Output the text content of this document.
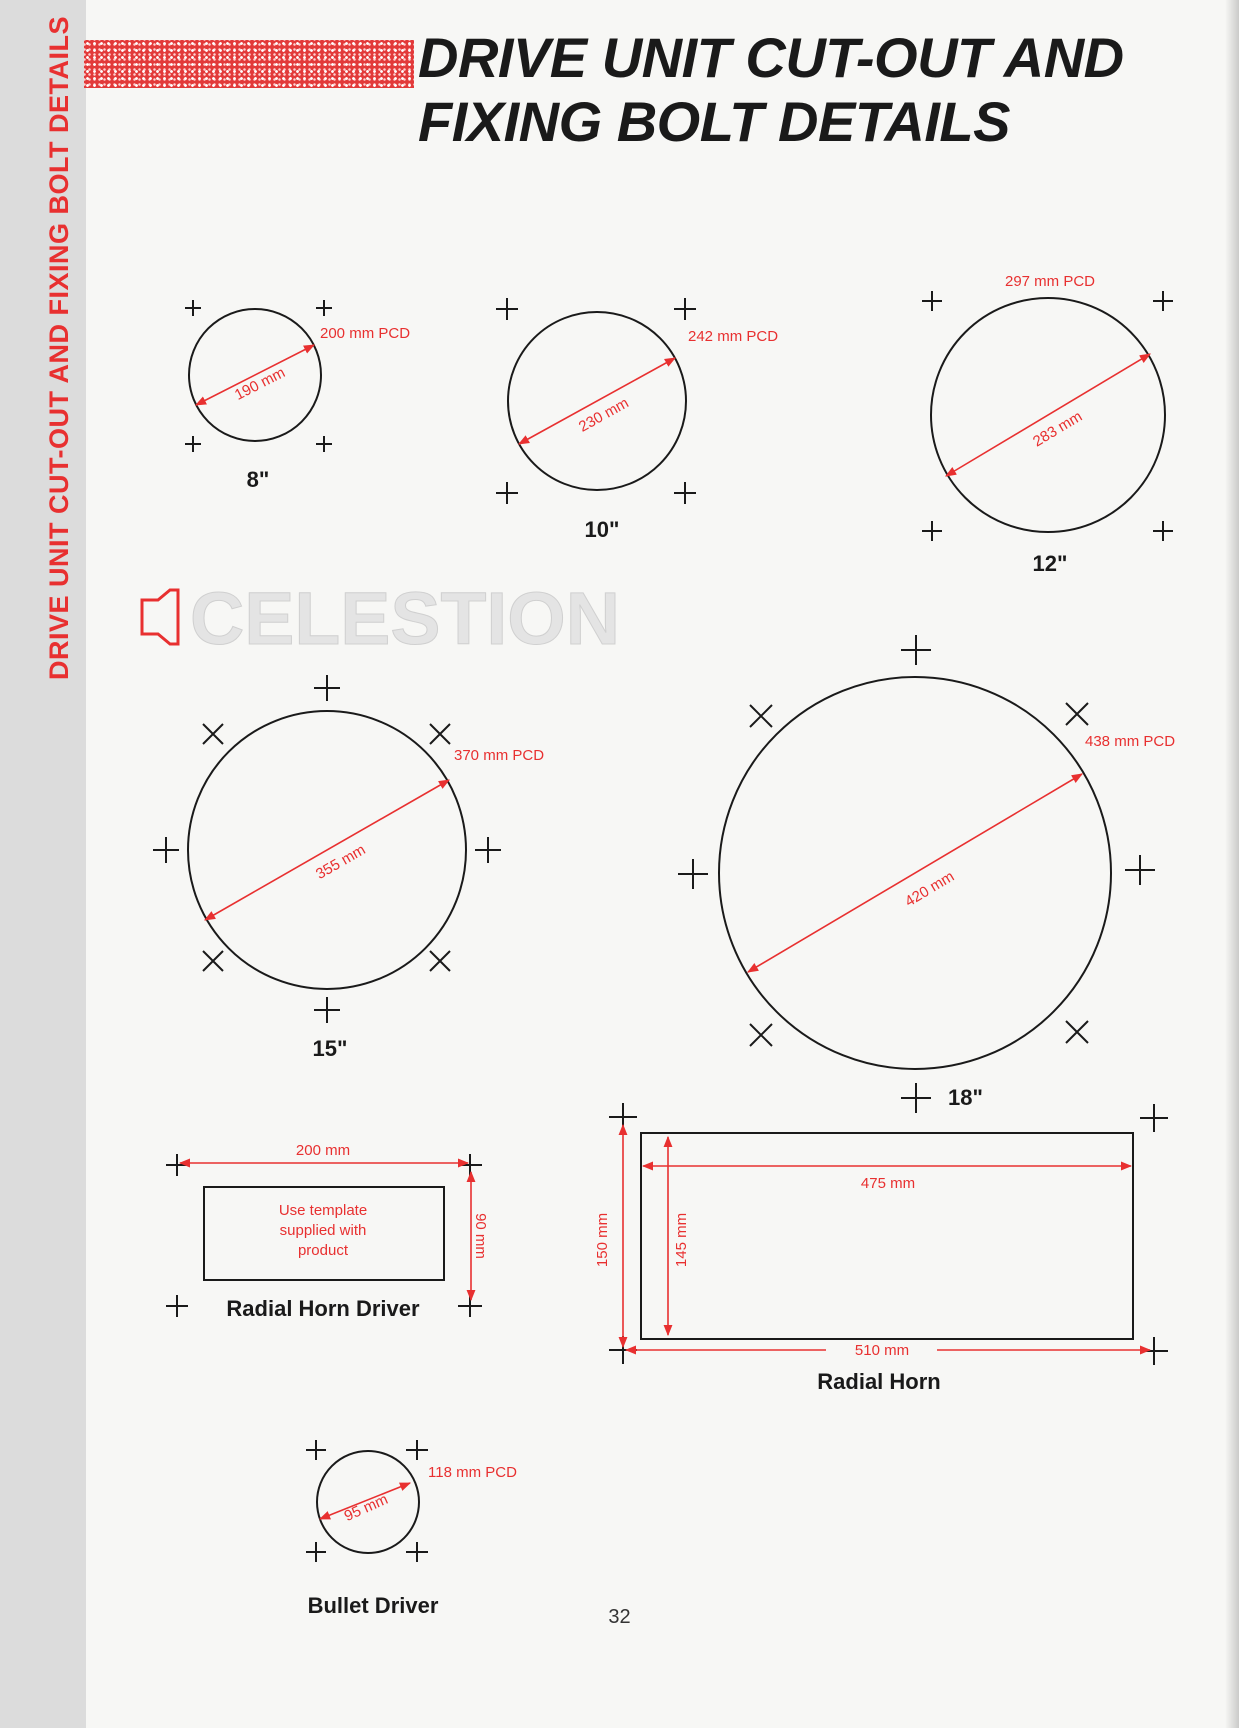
DRIVE UNIT CUT-OUT AND FIXING BOLT DETAILS	DRIVE UNIT CUT-OUT AND
FIXING BOLT DETAILS
CELESTION
200 mm PCD
190 mm
242 mm PCD
230 mm
297 mm PCD
283 mm
370 mm PCD
355 mm
438 mm PCD
420 mm
200 mm
90 mm
Use template
supplied with
product
475 mm
510 mm
150 mm	145 mm
118 mm PCD
95 mm
8"
10"
12"
15"
18"
Radial Horn Driver
Radial Horn
Bullet Driver	32
